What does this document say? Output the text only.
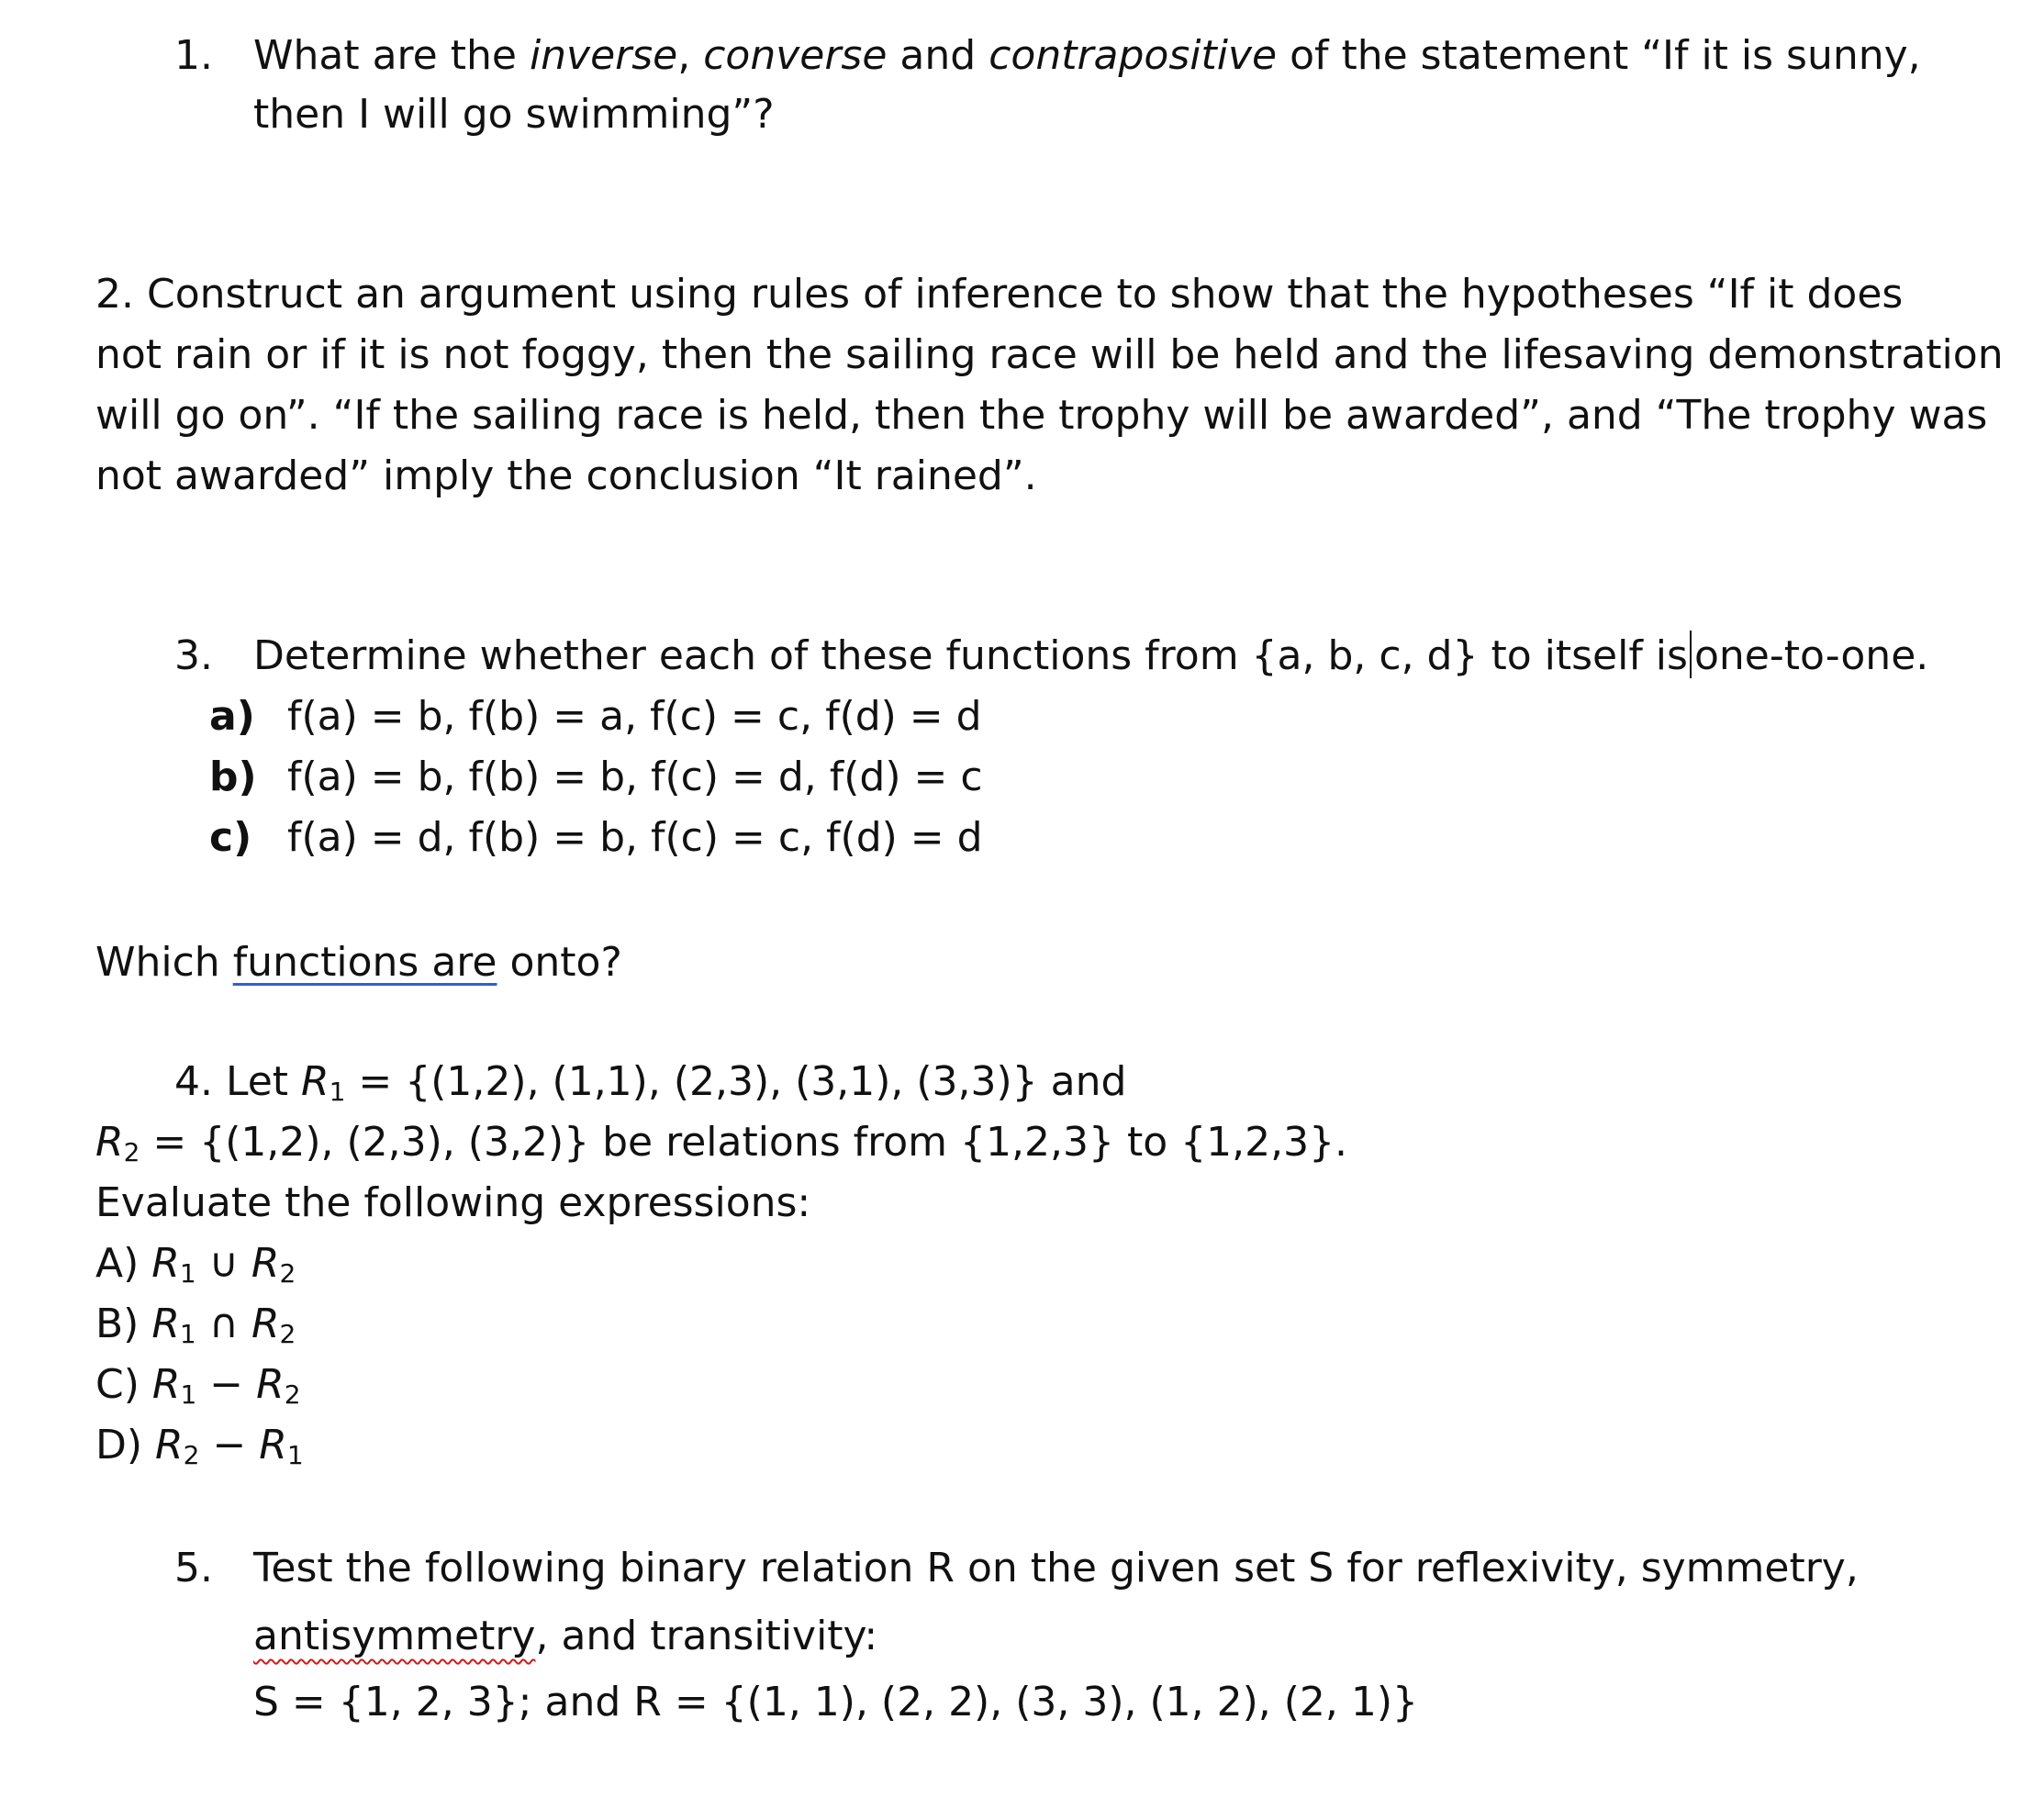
1. What are the inverse, converse and contrapositive of the statement “If it is sunny,
then I will go swimming”?
2. Construct an argument using rules of inference to show that the hypotheses “If it does
not rain or if it is not foggy, then the sailing race will be held and the lifesaving demonstration
will go on”. “If the sailing race is held, then the trophy will be awarded”, and “The trophy was
not awarded” imply the conclusion “It rained”.
3. Determine whether each of these functions from {a, b, c, d} to itself is one-to-one.
a) f(a) = b, f(b) = a, f(c) = c, f(d) = d
b) f(a) = b, f(b) = b, f(c) = d, f(d) = c
c) f(a) = d, f(b) = b, f(c) = c, f(d) = d
Which functions are onto?
4. Let $R_1 = \{(1,2)$, (1,1), (2,3), (3,1), (3,3)} and
$R_2 = \{(1,2)$, (2,3), (3,2)} be relations from {1,2,3} to {1,2,3}.
Evaluate the following expressions:
A) $R_1$ ∪ $R_2$
B) $R_1$ ∩ $R_2$
C) $R_1 - R_2$
D) $R_2 - R_1$
5. Test the following binary relation R on the given set S for reflexivity, symmetry,
antisymmetry, and transitivity:
S = {1, 2, 3}; and R = {(1, 1), (2, 2), (3, 3), (1, 2), (2, 1)}
